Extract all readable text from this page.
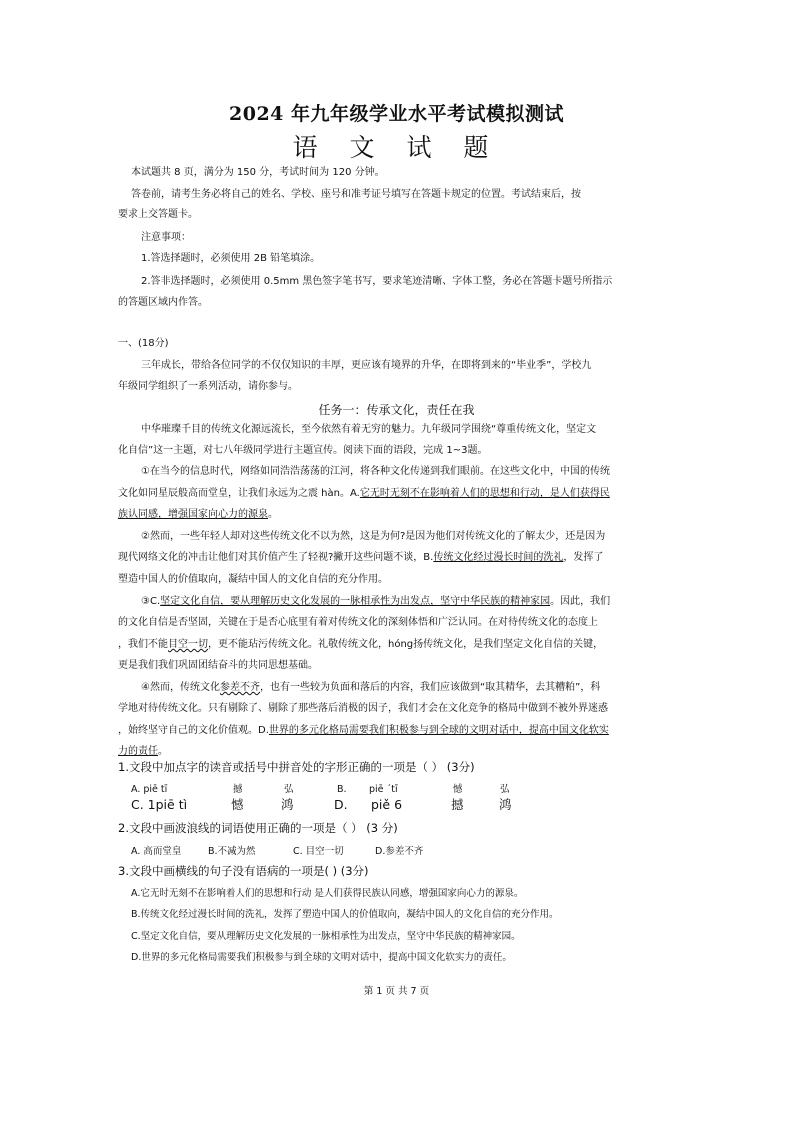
2024 年九年级学业水平考试模拟测试
语 文 试 题
本试题共 8 页，满分为 150 分，考试时间为 120 分钟。
答卷前，请考生务必将自己的姓名、学校、座号和准考证号填写在答题卡规定的位置。考试结束后，按
要求上交答题卡。
注意事项：
1.答选择题时，必须使用 2B 铅笔填涂。
2.答非选择题时，必须使用 0.5mm 黑色签字笔书写，要求笔迹清晰、字体工整，务必在答题卡题号所指示
的答题区域内作答。
一、(18分)
三年成长，带给各位同学的不仅仅知识的丰厚，更应该有境界的升华，在即将到来的“毕业季”，学校九
年级同学组织了一系列活动，请你参与。
任务一：传承文化，责任在我
中华璀璨千目的传统文化源远流长，至今依然有着无穷的魅力。九年级同学围绕“尊重传统文化，坚定文
化自信”这一主题，对七八年级同学进行主题宣传。阅读下面的语段，完成 1~3题。
①在当今的信息时代，网络如同浩浩荡荡的江河，将各种文化传递到我们眼前。在这些文化中，中国的传统
文化如同星辰般高而堂皇，让我们永远为之震 hàn。A.它无时无刻不在影响着人们的思想和行动，是人们获得民
族认同感，增强国家向心力的源泉。
②然而，一些年轻人却对这些传统文化不以为然，这是为何?是因为他们对传统文化的了解太少，还是因为
现代网络文化的冲击让他们对其价值产生了轻视?撇开这些问题不谈，B.传统文化经过漫长时间的洗礼，发挥了
塑造中国人的价值取向，凝结中国人的文化自信的充分作用。
③C.坚定文化自信，要从理解历史文化发展的一脉相承性为出发点，坚守中华民族的精神家园。因此，我们
的文化自信是否坚固，关键在于是否心底里有着对传统文化的深刻体悟和广泛认同。在对待传统文化的态度上
，我们不能目空一切，更不能玷污传统文化。礼敬传统文化，hóng扬传统文化，是我们坚定文化自信的关键，
更是我们我们巩固团结奋斗的共同思想基础。
④然而，传统文化参差不齐，也有一些较为负面和落后的内容，我们应该做到“取其精华，去其糟粕”，科
学地对待传统文化。只有剔除了、剔除了那些落后消极的因子，我们才会在文化竞争的格局中做到不被外界迷惑
，始终坚守自己的文化价值观。D.世界的多元化格局需要我们积极参与到全球的文明对话中，提高中国文化软实
力的责任。
1.文段中加点字的读音或括号中拼音处的字形正确的一项是（ ） (3分)
A. piē tī	撼	弘	B. piē ˊtī	憾	弘
C. 1piē tì	憾	鸿	D. piě 6	撼	鸿
2.文段中画波浪线的词语使用正确的一项是（ ） (3 分)
A. 高而堂皇	B.不减为然	C. 目空一切	D.参差不齐
3.文段中画横线的句子没有语病的一项是( ) (3分)
A.它无时无刻不在影响着人们的思想和行动 是人们获得民族认同感，增强国家向心力的源泉。
B.传统文化经过漫长时间的洗礼，发挥了塑造中国人的价值取向，凝结中国人的文化自信的充分作用。
C.坚定文化自信，要从理解历史文化发展的一脉相承性为出发点，坚守中华民族的精神家园。
D.世界的多元化格局需要我们积极参与到全球的文明对话中，提高中国文化软实力的责任。
第 1 页 共 7 页
